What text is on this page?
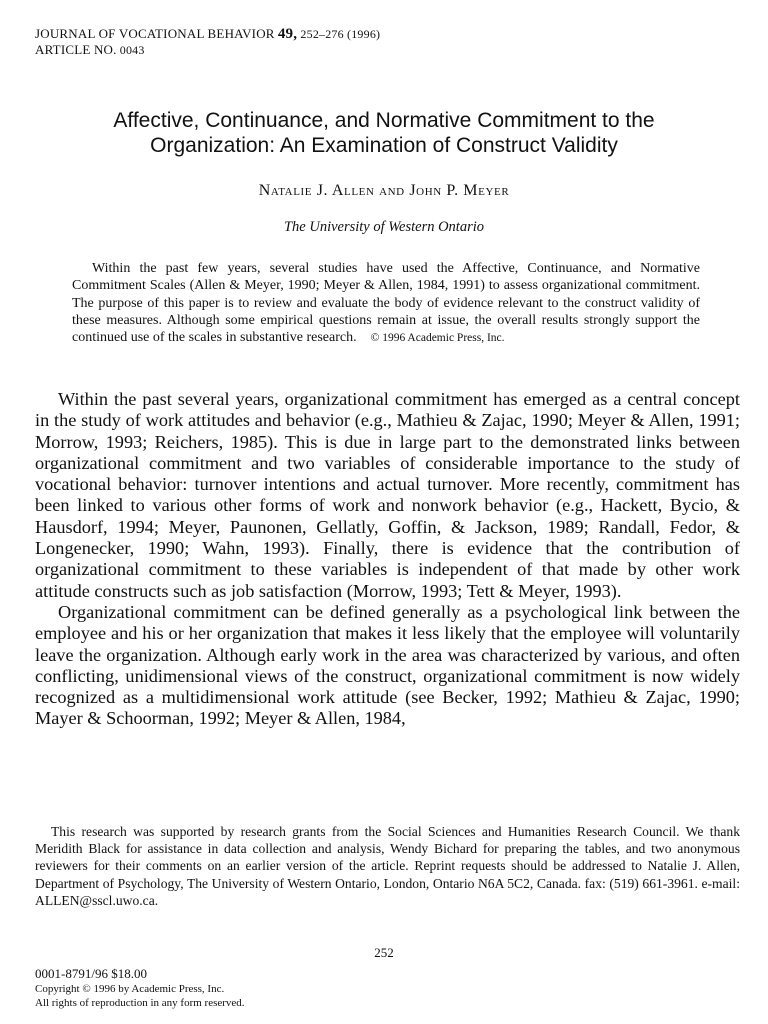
JOURNAL OF VOCATIONAL BEHAVIOR 49, 252–276 (1996)
ARTICLE NO. 0043
Affective, Continuance, and Normative Commitment to the
Organization: An Examination of Construct Validity
Natalie J. Allen and John P. Meyer
The University of Western Ontario
Within the past few years, several studies have used the Affective, Continuance, and Normative Commitment Scales (Allen & Meyer, 1990; Meyer & Allen, 1984, 1991) to assess organizational commitment. The purpose of this paper is to review and evaluate the body of evidence relevant to the construct validity of these measures. Although some empirical questions remain at issue, the overall results strongly support the continued use of the scales in substantive research. © 1996 Academic Press, Inc.

Within the past several years, organizational commitment has emerged as a central concept in the study of work attitudes and behavior (e.g., Mathieu & Zajac, 1990; Meyer & Allen, 1991; Morrow, 1993; Reichers, 1985). This is due in large part to the demonstrated links between organizational commitment and two variables of considerable importance to the study of vocational behavior: turnover intentions and actual turnover. More recently, commitment has been linked to various other forms of work and nonwork behavior (e.g., Hackett, Bycio, & Hausdorf, 1994; Meyer, Paunonen, Gellatly, Goffin, & Jackson, 1989; Randall, Fedor, & Longenecker, 1990; Wahn, 1993). Finally, there is evidence that the contribution of organizational commitment to these variables is independent of that made by other work attitude constructs such as job satisfaction (Morrow, 1993; Tett & Meyer, 1993).

Organizational commitment can be defined generally as a psychological link between the employee and his or her organization that makes it less likely that the employee will voluntarily leave the organization. Although early work in the area was characterized by various, and often conflicting, unidimensional views of the construct, organizational commitment is now widely recognized as a multidimensional work attitude (see Becker, 1992; Mathieu & Zajac, 1990; Mayer & Schoorman, 1992; Meyer & Allen, 1984,

This research was supported by research grants from the Social Sciences and Humanities Research Council. We thank Meridith Black for assistance in data collection and analysis, Wendy Bichard for preparing the tables, and two anonymous reviewers for their comments on an earlier version of the article. Reprint requests should be addressed to Natalie J. Allen, Department of Psychology, The University of Western Ontario, London, Ontario N6A 5C2, Canada. fax: (519) 661-3961. e-mail: ALLEN@sscl.uwo.ca.

252
0001-8791/96 $18.00
Copyright © 1996 by Academic Press, Inc.
All rights of reproduction in any form reserved.
